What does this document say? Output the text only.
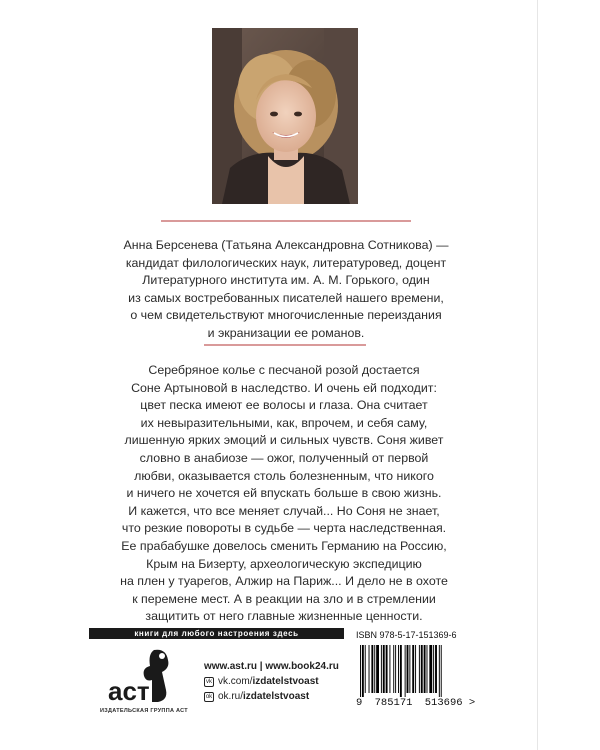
Анна Берсенева (Татьяна Александровна Сотникова) —
кандидат филологических наук, литературовед, доцент
Литературного института им. А. М. Горького, один
из самых востребованных писателей нашего времени,
о чем свидетельствуют многочисленные переиздания
и экранизации ее романов.
Серебряное колье с песчаной розой достается
Соне Артыновой в наследство. И очень ей подходит:
цвет песка имеют ее волосы и глаза. Она считает
их невыразительными, как, впрочем, и себя саму,
лишенную ярких эмоций и сильных чувств. Соня живет
словно в анабиозе — ожог, полученный от первой
любви, оказывается столь болезненным, что никого
и ничего не хочется ей впускать больше в свою жизнь.
И кажется, что все меняет случай... Но Соня не знает,
что резкие повороты в судьбе — черта наследственная.
Ее прабабушке довелось сменить Германию на Россию,
Крым на Бизерту, археологическую экспедицию
на плен у туарегов, Алжир на Париж... И дело не в охоте
к перемене мест. А в реакции на зло и в стремлении
защитить от него главные жизненные ценности.
книги для любого настроения здесь
аст
ИЗДАТЕЛЬСКАЯ ГРУППА АСТ
www.ast.ru | www.book24.ru
vk vk.com/ izdatelstvoast
ok ok.ru/ izdatelstvoast
ISBN 978-5-17-151369-6
9 785171 513696 >
